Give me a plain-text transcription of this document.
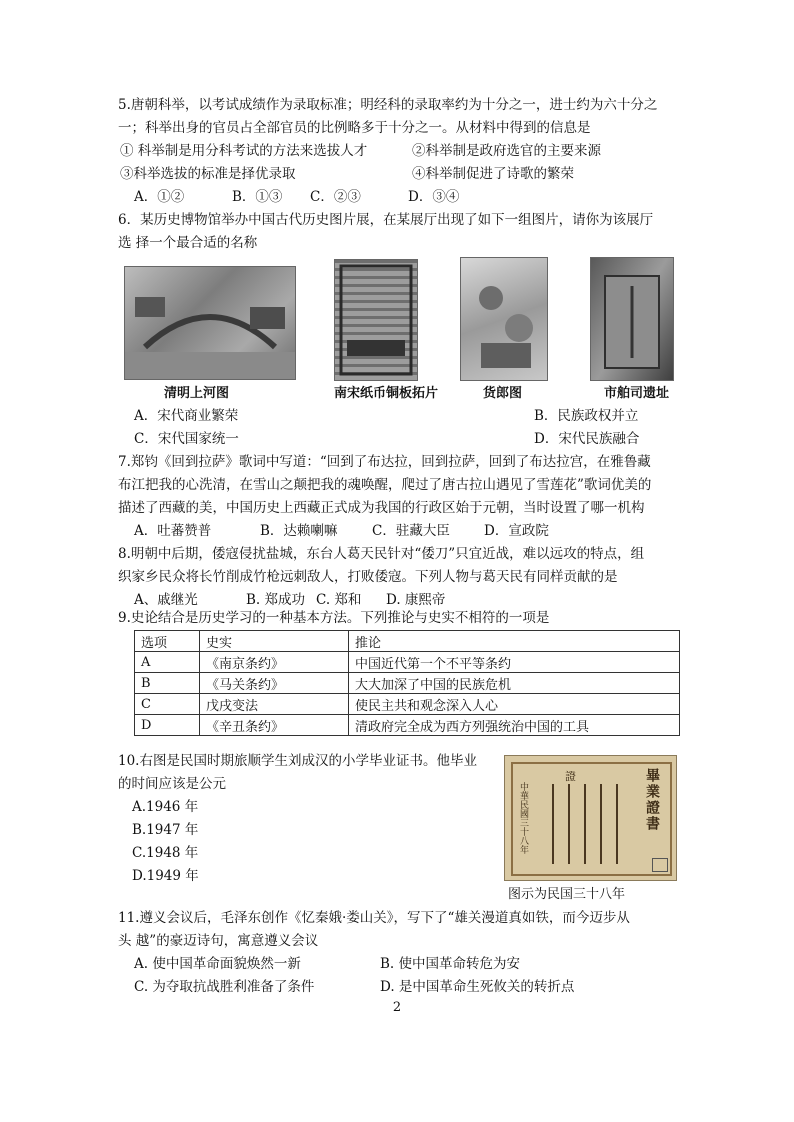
5.唐朝科举，以考试成绩作为录取标准；明经科的录取率约为十分之一，进士约为六十分之
一；科举出身的官员占全部官员的比例略多于十分之一。从材料中得到的信息是
① 科举制是用分科考试的方法来选拔人才	②科举制是政府选官的主要来源
③科举选拔的标准是择优录取	④科举制促进了诗歌的繁荣
A．①②	B．①③ C．②③	D．③④
6．某历史博物馆举办中国古代历史图片展，在某展厅出现了如下一组图片，请你为该展厅
选 择一个最合适的名称
清明上河图	南宋纸币铜板拓片	货郎图	市舶司遗址
A．宋代商业繁荣	B．民族政权并立
C．宋代国家统一	D．宋代民族融合
7.郑钧《回到拉萨》歌词中写道：“回到了布达拉，回到拉萨，回到了布达拉宫，在雅鲁藏
布江把我的心洗清，在雪山之颠把我的魂唤醒，爬过了唐古拉山遇见了雪莲花”歌词优美的
描述了西藏的美，中国历史上西藏正式成为我国的行政区始于元朝，当时设置了哪一机构
A．吐蕃赞普	B．达赖喇嘛	C．驻藏大臣	D．宣政院
8.明朝中后期，倭寇侵扰盐城，东台人葛天民针对“倭刀”只宜近战，难以远攻的特点，组
织家乡民众将长竹削成竹枪远刺敌人，打败倭寇。下列人物与葛天民有同样贡献的是
A、戚继光	B. 郑成功 C. 郑和 D. 康熙帝
9.史论结合是历史学习的一种基本方法。下列推论与史实不相符的一项是
选项	史实	推论
A	《南京条约》	中国近代第一个不平等条约
B	《马关条约》	大大加深了中国的民族危机
C	戊戌变法	使民主共和观念深入人心
D	《辛丑条约》	清政府完全成为西方列强统治中国的工具
10.右图是民国时期旅顺学生刘成汉的小学毕业证书。他毕业
的时间应该是公元
A.1946 年
B.1947 年
C.1948 年
D.1949 年
畢業證書
證
中華民國三十八年
图示为民国三十八年
11.遵义会议后，毛泽东创作《忆秦娥·娄山关》，写下了“雄关漫道真如铁，而今迈步从
头 越”的豪迈诗句，寓意遵义会议
A. 使中国革命面貌焕然一新	B. 使中国革命转危为安
C. 为夺取抗战胜利准备了条件	D. 是中国革命生死攸关的转折点
2
